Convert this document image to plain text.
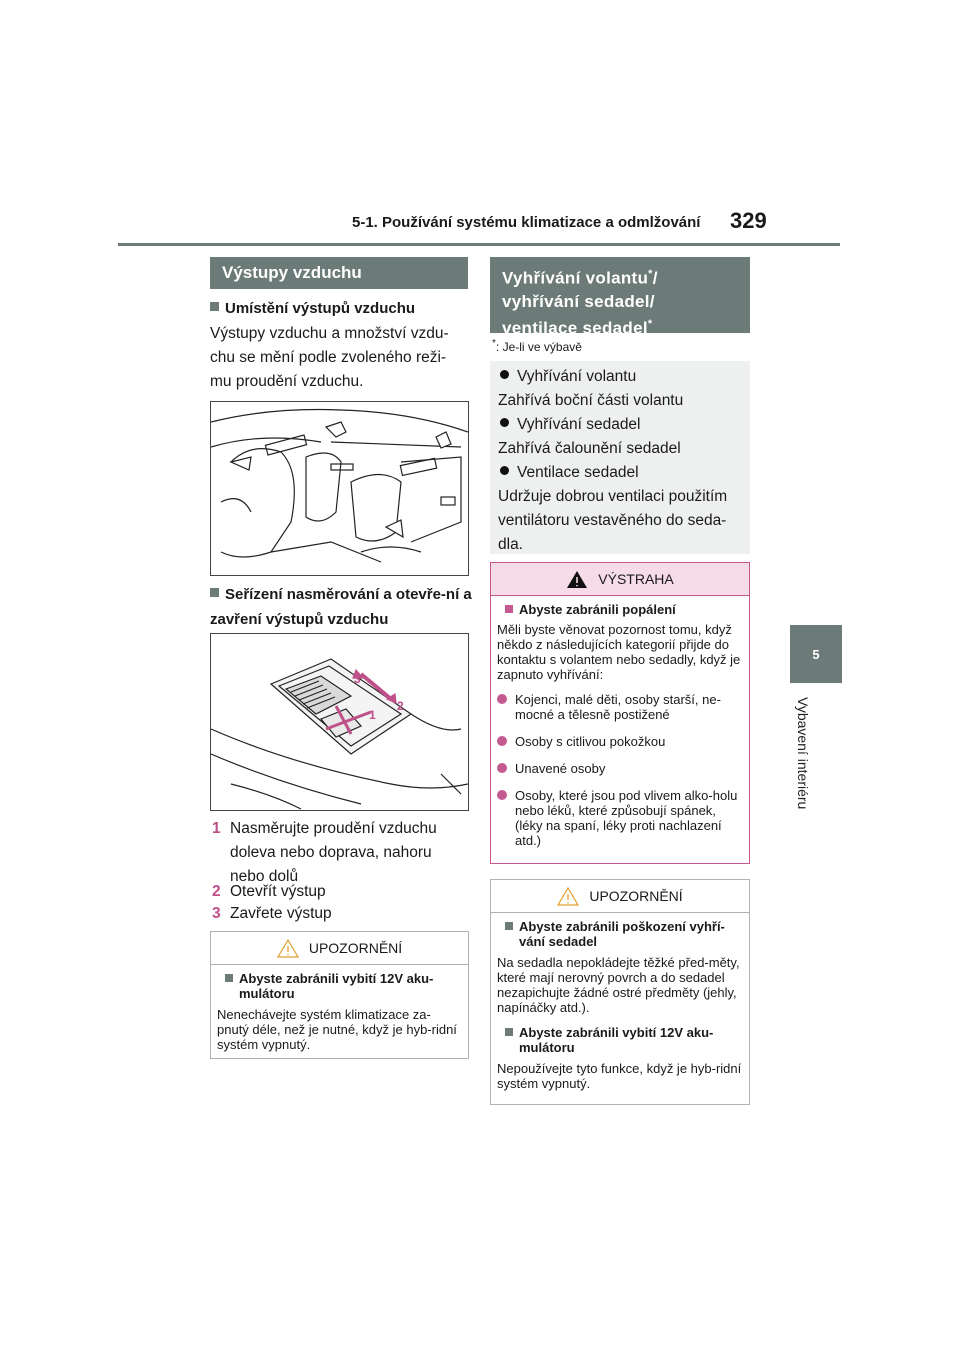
5-1. Používání systému klimatizace a odmlžování 329
5
Vybavení interiéru
Výstupy vzduchu
Umístění výstupů vzduchu
Výstupy vzduchu a množství vzdu-chu se mění podle zvoleného reži-mu proudění vzduchu.
Seřízení nasměrování a otevře-ní a zavření výstupů vzduchu
3
2
1
1 Nasměrujte proudění vzduchu doleva nebo doprava, nahoru nebo dolů
2 Otevřít výstup
3 Zavřete výstup
UPOZORNĚNÍ
Abyste zabránili vybití 12V aku-mulátoru
Nenechávejte systém klimatizace za-pnutý déle, než je nutné, když je hyb-ridní systém vypnutý.
Vyhřívání volantu*/
vyhřívání sedadel/
ventilace sedadel*
*: Je-li ve výbavě
Vyhřívání volantu
Zahřívá boční části volantu
Vyhřívání sedadel
Zahřívá čalounění sedadel
Ventilace sedadel
Udržuje dobrou ventilaci použitím ventilátoru vestavěného do seda-dla.
VÝSTRAHA
Abyste zabránili popálení
Měli byste věnovat pozornost tomu, když někdo z následujících kategorií přijde do kontaktu s volantem nebo sedadly, když je zapnuto vyhřívání:
Kojenci, malé děti, osoby starší, ne-mocné a tělesně postižené
Osoby s citlivou pokožkou
Unavené osoby
Osoby, které jsou pod vlivem alko-holu nebo léků, které způsobují spánek, (léky na spaní, léky proti nachlazení atd.)
UPOZORNĚNÍ
Abyste zabránili poškození vyhří-vání sedadel
Na sedadla nepokládejte těžké před-měty, které mají nerovný povrch a do sedadel nezapichujte žádné ostré předměty (jehly, napínáčky atd.).
Abyste zabránili vybití 12V aku-mulátoru
Nepoužívejte tyto funkce, když je hyb-ridní systém vypnutý.
